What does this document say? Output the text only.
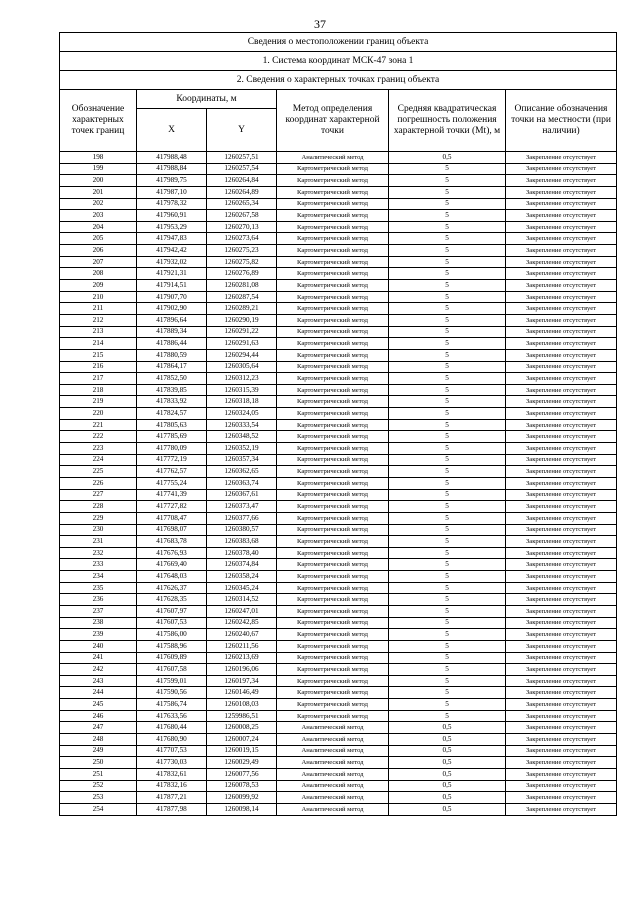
37
Сведения о местоположении границ объекта					
1. Система координат МСК-47 зона 1					
2. Сведения о характерных точках границ объекта					
Обозначение характерных точек границ	Координаты, м		Метод определения координат характерной точки	Средняя квадратическая погрешность положения характерной точки (Mt), м	Описание обозначения точки на местности (при наличии)
	X	Y			
198	417988,48	1260257,51	Аналитический метод	0,5	Закрепление отсутствует
199	417988,84	1260257,54	Картометрический метод	5	Закрепление отсутствует
200	417989,75	1260264,84	Картометрический метод	5	Закрепление отсутствует
201	417987,10	1260264,89	Картометрический метод	5	Закрепление отсутствует
202	417978,32	1260265,34	Картометрический метод	5	Закрепление отсутствует
203	417960,91	1260267,58	Картометрический метод	5	Закрепление отсутствует
204	417953,29	1260270,13	Картометрический метод	5	Закрепление отсутствует
205	417947,83	1260273,64	Картометрический метод	5	Закрепление отсутствует
206	417942,42	1260275,23	Картометрический метод	5	Закрепление отсутствует
207	417932,02	1260275,82	Картометрический метод	5	Закрепление отсутствует
208	417921,31	1260276,89	Картометрический метод	5	Закрепление отсутствует
209	417914,51	1260281,08	Картометрический метод	5	Закрепление отсутствует
210	417907,70	1260287,54	Картометрический метод	5	Закрепление отсутствует
211	417902,90	1260289,21	Картометрический метод	5	Закрепление отсутствует
212	417896,64	1260290,19	Картометрический метод	5	Закрепление отсутствует
213	417889,34	1260291,22	Картометрический метод	5	Закрепление отсутствует
214	417886,44	1260291,63	Картометрический метод	5	Закрепление отсутствует
215	417880,59	1260294,44	Картометрический метод	5	Закрепление отсутствует
216	417864,17	1260305,64	Картометрический метод	5	Закрепление отсутствует
217	417852,50	1260312,23	Картометрический метод	5	Закрепление отсутствует
218	417839,85	1260315,39	Картометрический метод	5	Закрепление отсутствует
219	417833,92	1260318,18	Картометрический метод	5	Закрепление отсутствует
220	417824,57	1260324,05	Картометрический метод	5	Закрепление отсутствует
221	417805,63	1260333,54	Картометрический метод	5	Закрепление отсутствует
222	417785,69	1260348,52	Картометрический метод	5	Закрепление отсутствует
223	417780,09	1260352,19	Картометрический метод	5	Закрепление отсутствует
224	417772,19	1260357,34	Картометрический метод	5	Закрепление отсутствует
225	417762,57	1260362,65	Картометрический метод	5	Закрепление отсутствует
226	417755,24	1260363,74	Картометрический метод	5	Закрепление отсутствует
227	417741,39	1260367,61	Картометрический метод	5	Закрепление отсутствует
228	417727,82	1260373,47	Картометрический метод	5	Закрепление отсутствует
229	417708,47	1260377,66	Картометрический метод	5	Закрепление отсутствует
230	417698,07	1260380,57	Картометрический метод	5	Закрепление отсутствует
231	417683,78	1260383,68	Картометрический метод	5	Закрепление отсутствует
232	417676,93	1260378,40	Картометрический метод	5	Закрепление отсутствует
233	417669,40	1260374,84	Картометрический метод	5	Закрепление отсутствует
234	417648,03	1260358,24	Картометрический метод	5	Закрепление отсутствует
235	417626,37	1260345,24	Картометрический метод	5	Закрепление отсутствует
236	417628,35	1260314,52	Картометрический метод	5	Закрепление отсутствует
237	417607,97	1260247,01	Картометрический метод	5	Закрепление отсутствует
238	417607,53	1260242,85	Картометрический метод	5	Закрепление отсутствует
239	417586,00	1260240,67	Картометрический метод	5	Закрепление отсутствует
240	417588,96	1260211,56	Картометрический метод	5	Закрепление отсутствует
241	417609,89	1260213,69	Картометрический метод	5	Закрепление отсутствует
242	417607,58	1260196,06	Картометрический метод	5	Закрепление отсутствует
243	417599,01	1260197,34	Картометрический метод	5	Закрепление отсутствует
244	417590,56	1260146,49	Картометрический метод	5	Закрепление отсутствует
245	417586,74	1260108,03	Картометрический метод	5	Закрепление отсутствует
246	417633,56	1259986,51	Картометрический метод	5	Закрепление отсутствует
247	417680,44	1260008,25	Аналитический метод	0,5	Закрепление отсутствует
248	417680,90	1260007,24	Аналитический метод	0,5	Закрепление отсутствует
249	417707,53	1260019,15	Аналитический метод	0,5	Закрепление отсутствует
250	417730,03	1260029,49	Аналитический метод	0,5	Закрепление отсутствует
251	417832,61	1260077,56	Аналитический метод	0,5	Закрепление отсутствует
252	417832,16	1260078,53	Аналитический метод	0,5	Закрепление отсутствует
253	417877,21	1260099,92	Аналитический метод	0,5	Закрепление отсутствует
254	417877,98	1260098,14	Аналитический метод	0,5	Закрепление отсутствует
